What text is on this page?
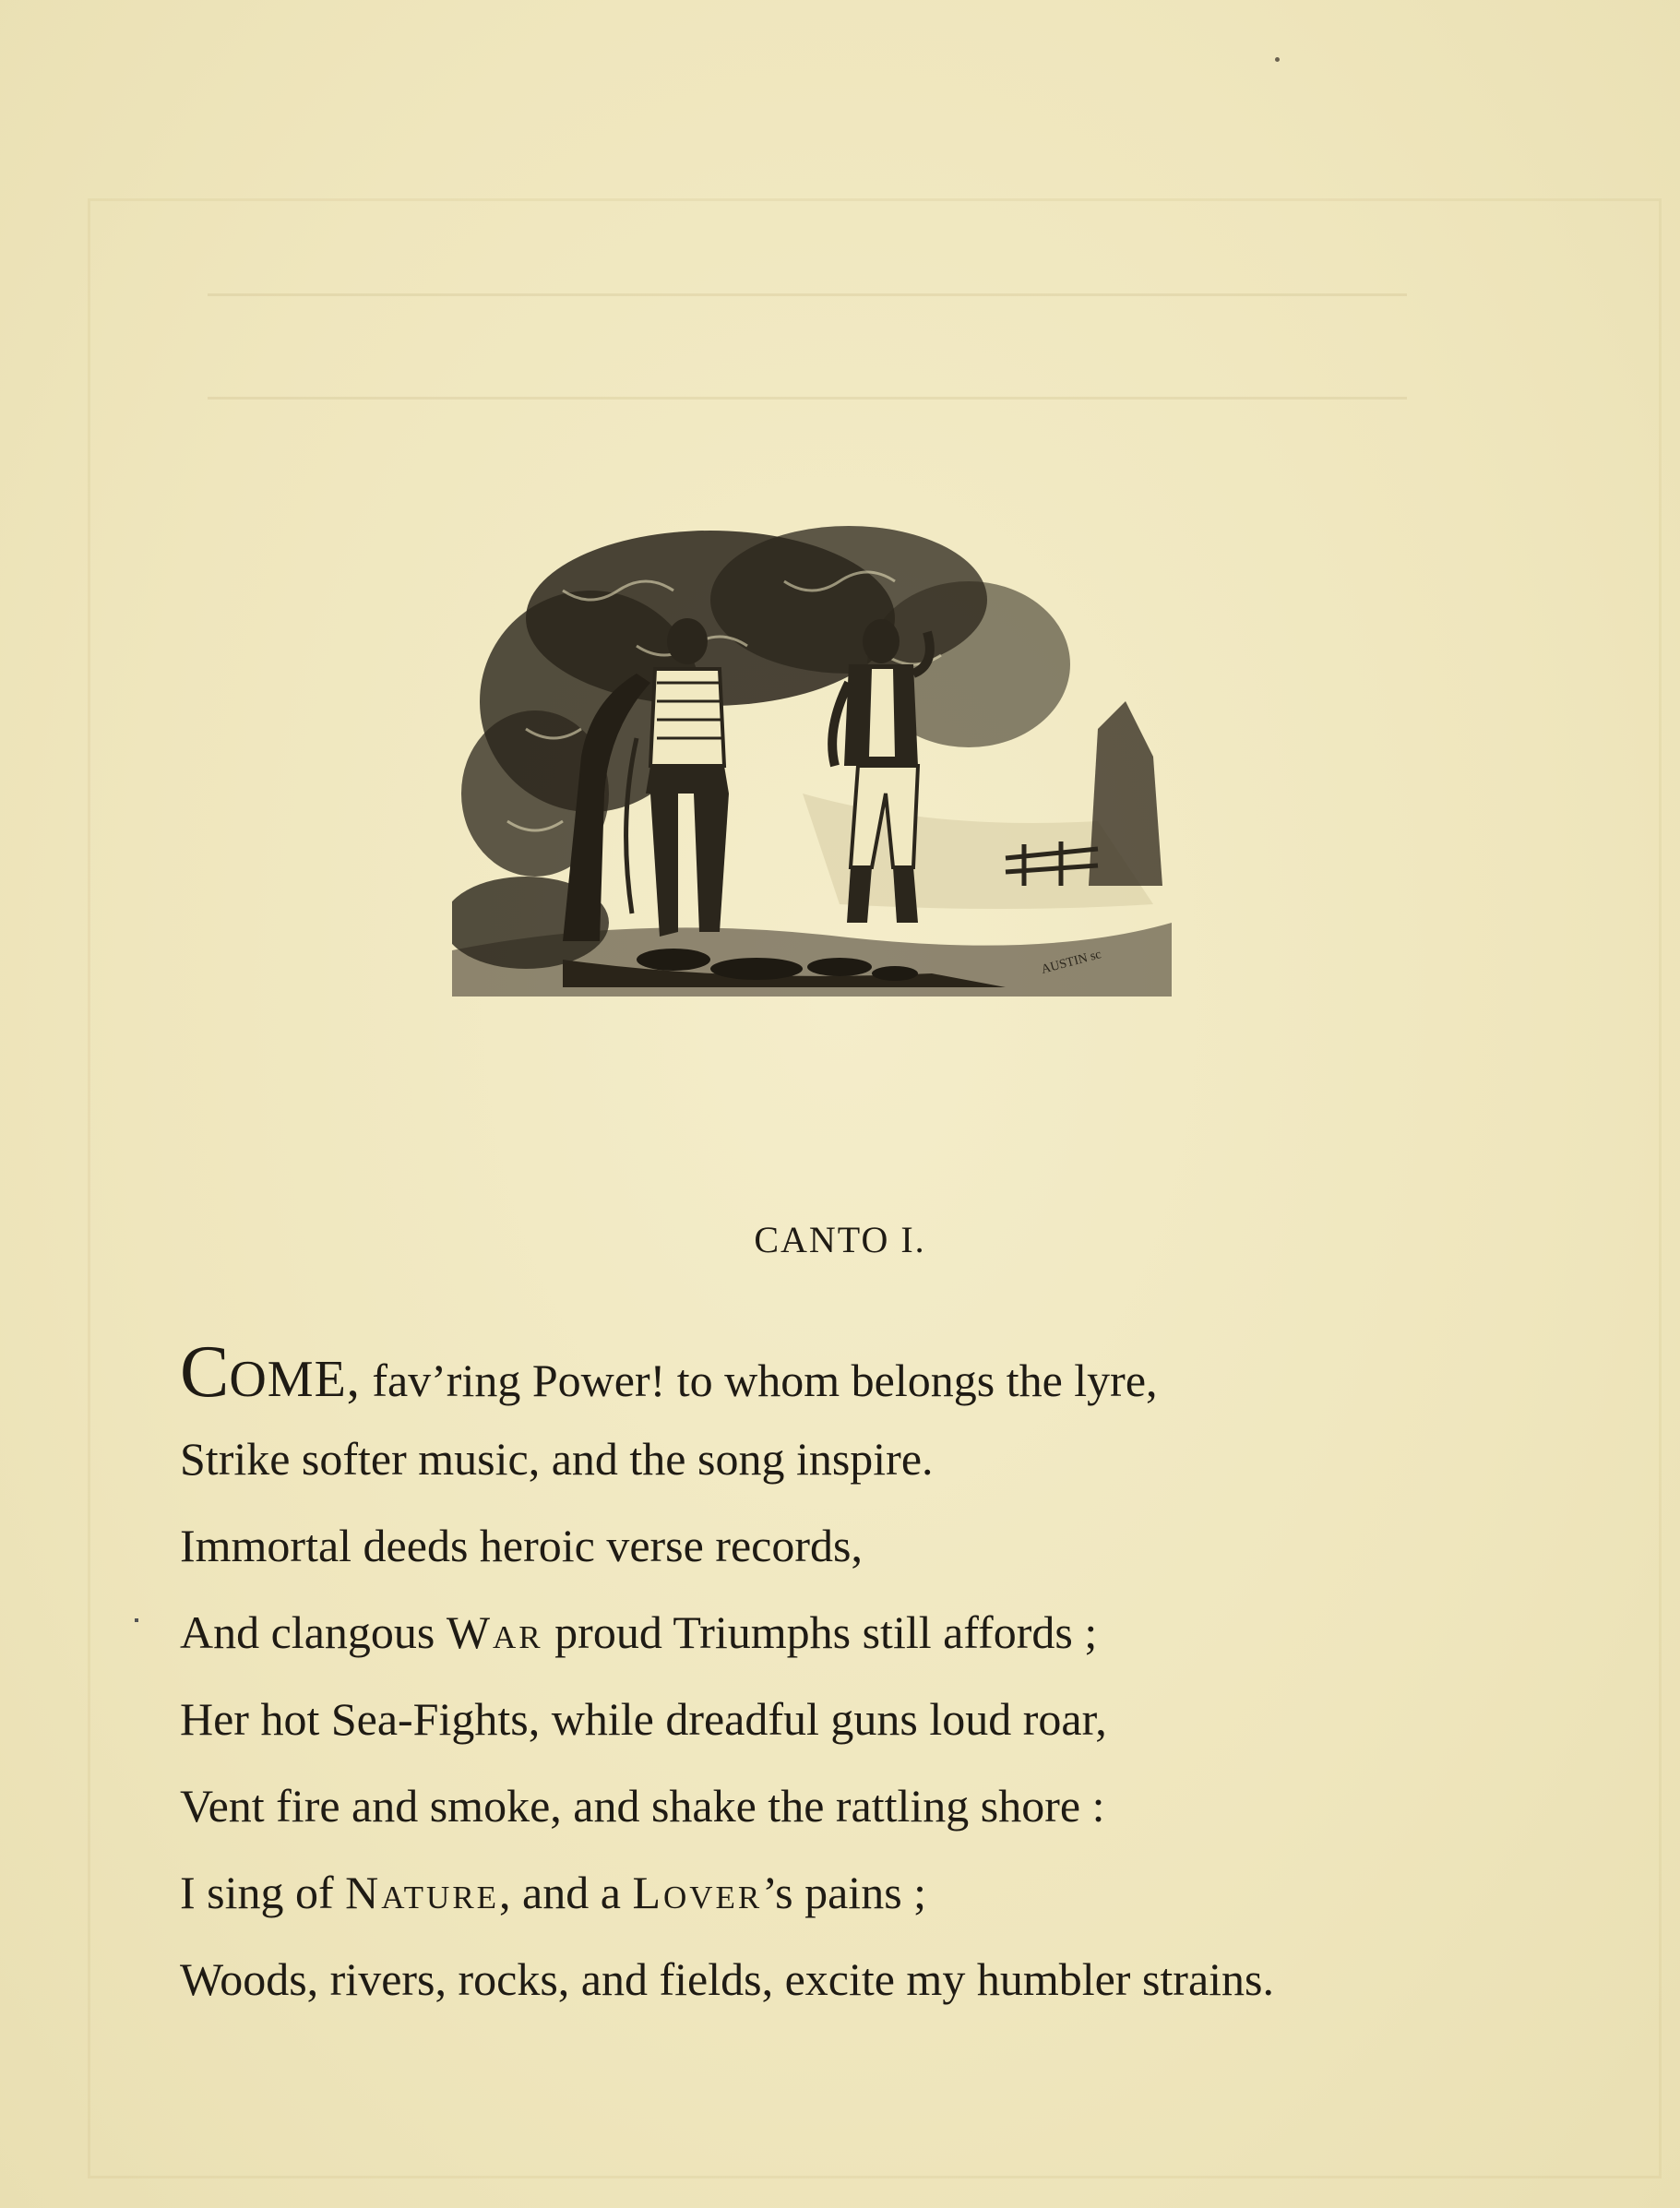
AUSTIN sc
CANTO I.
COME, fav’ring Power! to whom belongs the lyre,
Strike softer music, and the song inspire.
Immortal deeds heroic verse records,
And clangous War proud Triumphs still affords ;
Her hot Sea-Fights, while dreadful guns loud roar,
Vent fire and smoke, and shake the rattling shore :
I sing of Nature, and a Lover’s pains ;
Woods, rivers, rocks, and fields, excite my humbler strains.
